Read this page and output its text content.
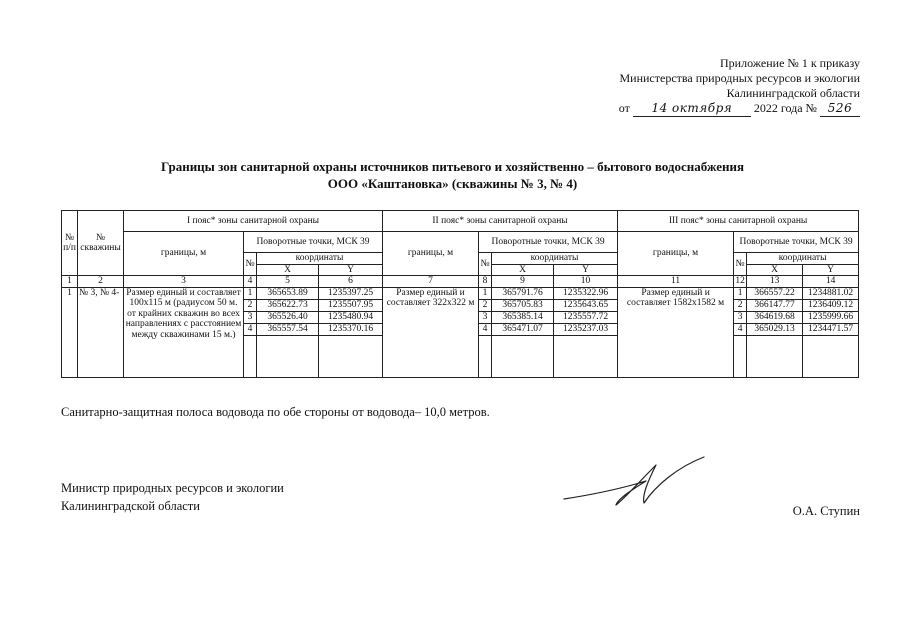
Приложение № 1 к приказу
Министерства природных ресурсов и экологии
Калининградской области
от 14 октября 2022 года № 526
Границы зон санитарной охраны источников питьевого и хозяйственно – бытового водоснабжения
ООО «Каштановка» (скважины № 3, № 4)
№ п/п	№ скважины	I пояс* зоны санитарной охраны				II пояс* зоны санитарной охраны				III пояс* зоны санитарной охраны			
		границы, м	Поворотные точки, МСК 39			границы, м	Поворотные точки, МСК 39			границы, м	Поворотные точки, МСК 39		
			№	координаты			№	координаты			№	координаты	
				X	Y			X	Y			X	Y
1	2	3	4	5	6	7	8	9	10	11	12	13	14
1	№ 3, № 4-	Размер единый и составляет 100х115 м (радиусом 50 м. от крайних скважин во всех направлениях с расстоянием между скважинами 15 м.)	1	365653.89	1235397.25	Размер единый и составляет 322х322 м	1	365791.76	1235322.96	Размер единый и составляет 1582х1582 м	1	366557.22	1234881.02
			2	365622.73	1235507.95		2	365705.83	1235643.65		2	366147.77	1236409.12
			3	365526.40	1235480.94		3	365385.14	1235557.72		3	364619.68	1235999.66
			4	365557.54	1235370.16		4	365471.07	1235237.03		4	365029.13	1234471.57

Санитарно-защитная полоса водовода по обе стороны от водовода– 10,0 метров.
Министр природных ресурсов и экологии
Калининградской области	О.А. Ступин
